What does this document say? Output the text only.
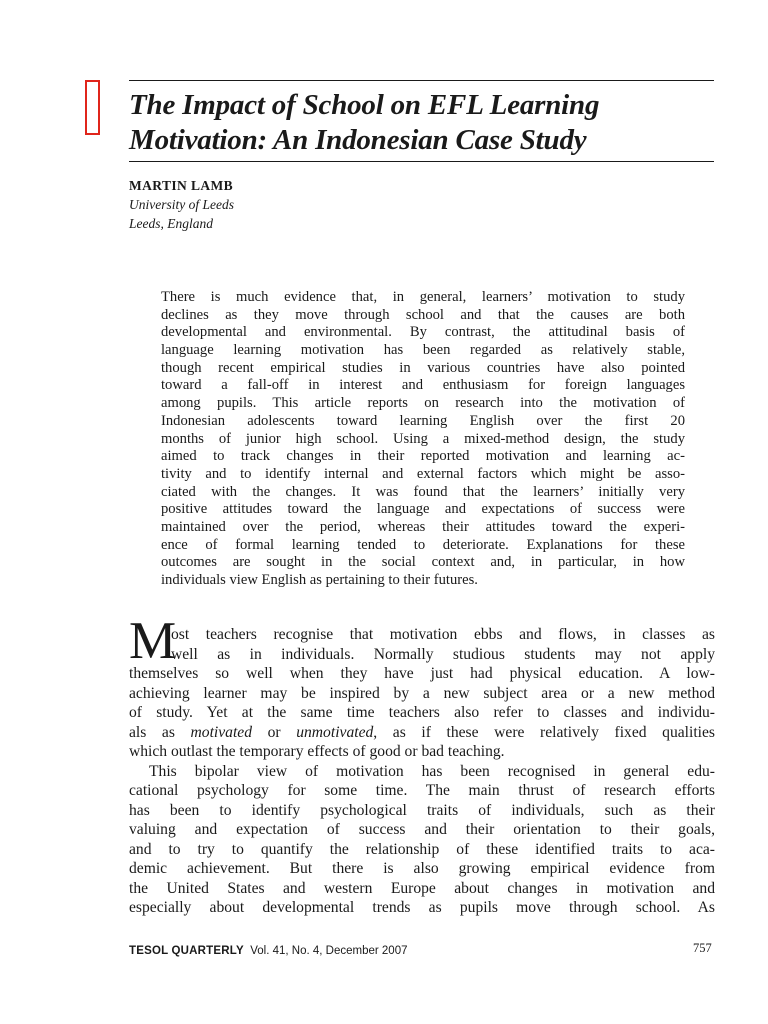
The Impact of School on EFL Learning
Motivation: An Indonesian Case Study
MARTIN LAMB
University of Leeds
Leeds, England
There is much evidence that, in general, learners’ motivation to study
declines as they move through school and that the causes are both
developmental and environmental. By contrast, the attitudinal basis of
language learning motivation has been regarded as relatively stable,
though recent empirical studies in various countries have also pointed
toward a fall-off in interest and enthusiasm for foreign languages
among pupils. This article reports on research into the motivation of
Indonesian adolescents toward learning English over the first 20
months of junior high school. Using a mixed-method design, the study
aimed to track changes in their reported motivation and learning ac-
tivity and to identify internal and external factors which might be asso-
ciated with the changes. It was found that the learners’ initially very
positive attitudes toward the language and expectations of success were
maintained over the period, whereas their attitudes toward the experi-
ence of formal learning tended to deteriorate. Explanations for these
outcomes are sought in the social context and, in particular, in how
individuals view English as pertaining to their futures.
M
ost teachers recognise that motivation ebbs and flows, in classes as
well as in individuals. Normally studious students may not apply
themselves so well when they have just had physical education. A low-
achieving learner may be inspired by a new subject area or a new method
of study. Yet at the same time teachers also refer to classes and individu-
als as motivated or unmotivated, as if these were relatively fixed qualities
which outlast the temporary effects of good or bad teaching.
This bipolar view of motivation has been recognised in general edu-
cational psychology for some time. The main thrust of research efforts
has been to identify psychological traits of individuals, such as their
valuing and expectation of success and their orientation to their goals,
and to try to quantify the relationship of these identified traits to aca-
demic achievement. But there is also growing empirical evidence from
the United States and western Europe about changes in motivation and
especially about developmental trends as pupils move through school. As
TESOL QUARTERLY Vol. 41, No. 4, December 2007	757
